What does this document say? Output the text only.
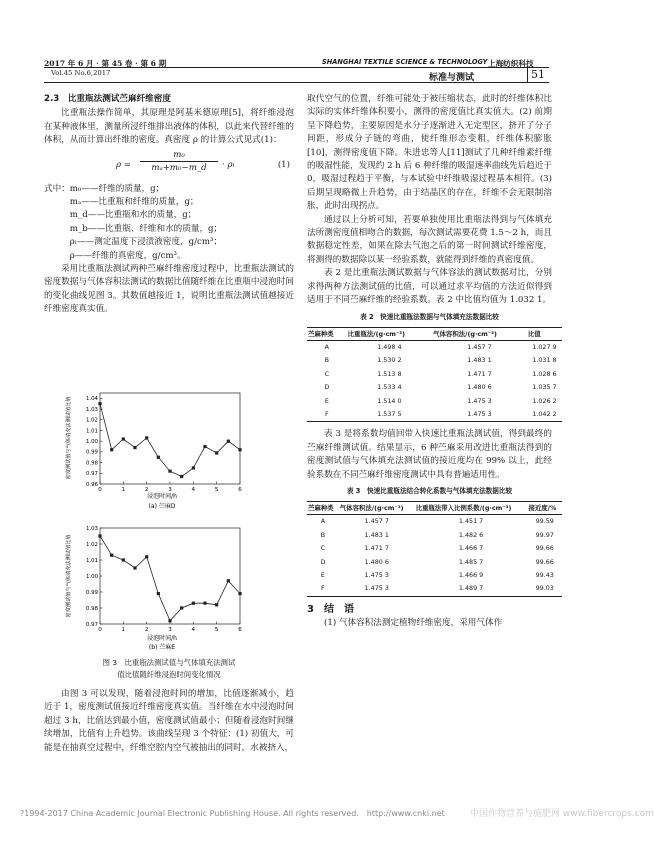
2017 年 6 月 · 第 45 卷 · 第 6 期
Vol.45 No.6,2017
SHANGHAI TEXTILE SCIENCE & TECHNOLOGY 上海纺织科技
标准与测试	51
2.3　比重瓶法测试苎麻纤维密度

比重瓶法操作简单，其原理是阿基米德原理[5]，将纤维浸泡在某种液体里，测量所浸纤维排出液体的体积，以此来代替纤维的体积，从而计算出纤维的密度。真密度 ρ 的计算公式见式(1)：

ρ =
m₀
mₐ+m₀−m_d	· ρₗ	(1)
式中：m₀——纤维的质量，g；
　　　mₐ——比重瓶和纤维的质量，g；
　　　m_d——比重瓶和水的质量，g；
　　　m_b——比重瓶、纤维和水的质量，g；
　　　ρₗ——测定温度下浸渍液密度，g/cm³；
　　　ρ——纤维的真密度，g/cm³。

采用比重瓶法测试两种苎麻纤维密度过程中，比重瓶法测试的密度数据与气体容积法测试的数据比值随纤维在比重瓶中浸泡时间的变化曲线见图 3。其数值越接近 1，说明比重瓶法测试值越接近纤维密度真实值。

0.96
0.97
0.98
0.99
1.00
1.01
1.02
1.03
1.04
0	1	2	3	4	5	6
密度测试值与气体填充法测试值比值
浸泡时间/h
(a) 苎麻D
0.97
0.98
0.99
1.00
1.01
1.02
1.03
0	1	2	3	4	5	6
密度测试值与气体填充法测试值比值
浸泡时间/h
(b) 苎麻E
图 3　比重瓶法测试值与气体填充法测试
值比值随纤维浸泡时间变化情况

由图 3 可以发现，随着浸泡时间的增加，比值逐渐减小，趋近于 1，密度测试值接近纤维密度真实值。当纤维在水中浸泡时间超过 3 h，比值达到最小值，密度测试值最小；但随着浸泡时间继续增加，比值有上升趋势。该曲线呈现 3 个特征：(1) 初值大，可能是在抽真空过程中，纤维空腔内空气被抽出的同时，水被挤入，

取代空气的位置，纤维可能处于被压缩状态，此时的纤维体积比实际的实体纤维体积要小，测得的密度值比真实值大。(2) 前期呈下降趋势，主要原因是水分子逐渐进入无定型区，挤开了分子间距，形成分子链的弯曲，使纤维形态变粗，纤维体积膨胀[10]，测得密度值下降。朱进忠等人[11]测试了几种纤维素纤维的吸湿性能，发现约 2 h 后 6 种纤维的吸湿速率曲线先后趋近于 0，吸湿过程趋于平衡，与本试验中纤维吸湿过程基本相符。(3) 后期呈现略微上升趋势，由于结晶区的存在，纤维不会无限制溶胀，此时出现拐点。

通过以上分析可知，若要单独使用比重瓶法得到与气体填充法所测密度值相吻合的数据，每次测试需要花费 1.5～2 h，而且数据稳定性差，如果在除去气泡之后的第一时间测试纤维密度，将测得的数据除以某一经验系数，就能得到纤维的真密度值。

表 2 是比重瓶法测试数据与气体容法的测试数据对比，分别求得两种方法测试值的比值，可以通过求平均值的方法近似得到适用于不同苎麻纤维的经验系数。表 2 中比值均值为 1.032 1。

表 2　快速比重瓶法数据与气体填充法数据比较
苎麻种类	比重瓶法/(g·cm⁻³)	气体容积法/(g·cm⁻³)	比值
A	1.498 4	1.457 7	1.027 9
B	1.530 2	1.483 1	1.031 8
C	1.513 8	1.471 7	1.028 6
D	1.533 4	1.480 6	1.035 7
E	1.514 0	1.475 3	1.026 2
F	1.537 5	1.475 3	1.042 2

表 3 是将系数均值回带入快速比重瓶法测试值，得到最终的苎麻纤维测试值。结果显示，6 种苎麻采用改进比重瓶法得到的密度测试值与气体填充法测试值的接近度均在 99% 以上，此经验系数在不同苎麻纤维密度测试中具有普遍适用性。

表 3　快速比重瓶法结合转化系数与气体填充法数据比较
苎麻种类	气体容积法/(g·cm⁻³)	比重瓶法带入比例系数/(g·cm⁻³)	接近度/%
A	1.457 7	1.451 7	99.59
B	1.483 1	1.482 6	99.97
C	1.471 7	1.466 7	99.66
D	1.480 6	1.485 7	99.66
E	1.475 3	1.466 9	99.43
F	1.475 3	1.489 7	99.03
3　结　语

(1) 气体容积法测定植物纤维密度，采用气体作

?1994-2017 China Academic Journal Electronic Publishing House. All rights reserved.　http://www.cnki.net	中国作物营养与施肥网 www.fibercrops.com
